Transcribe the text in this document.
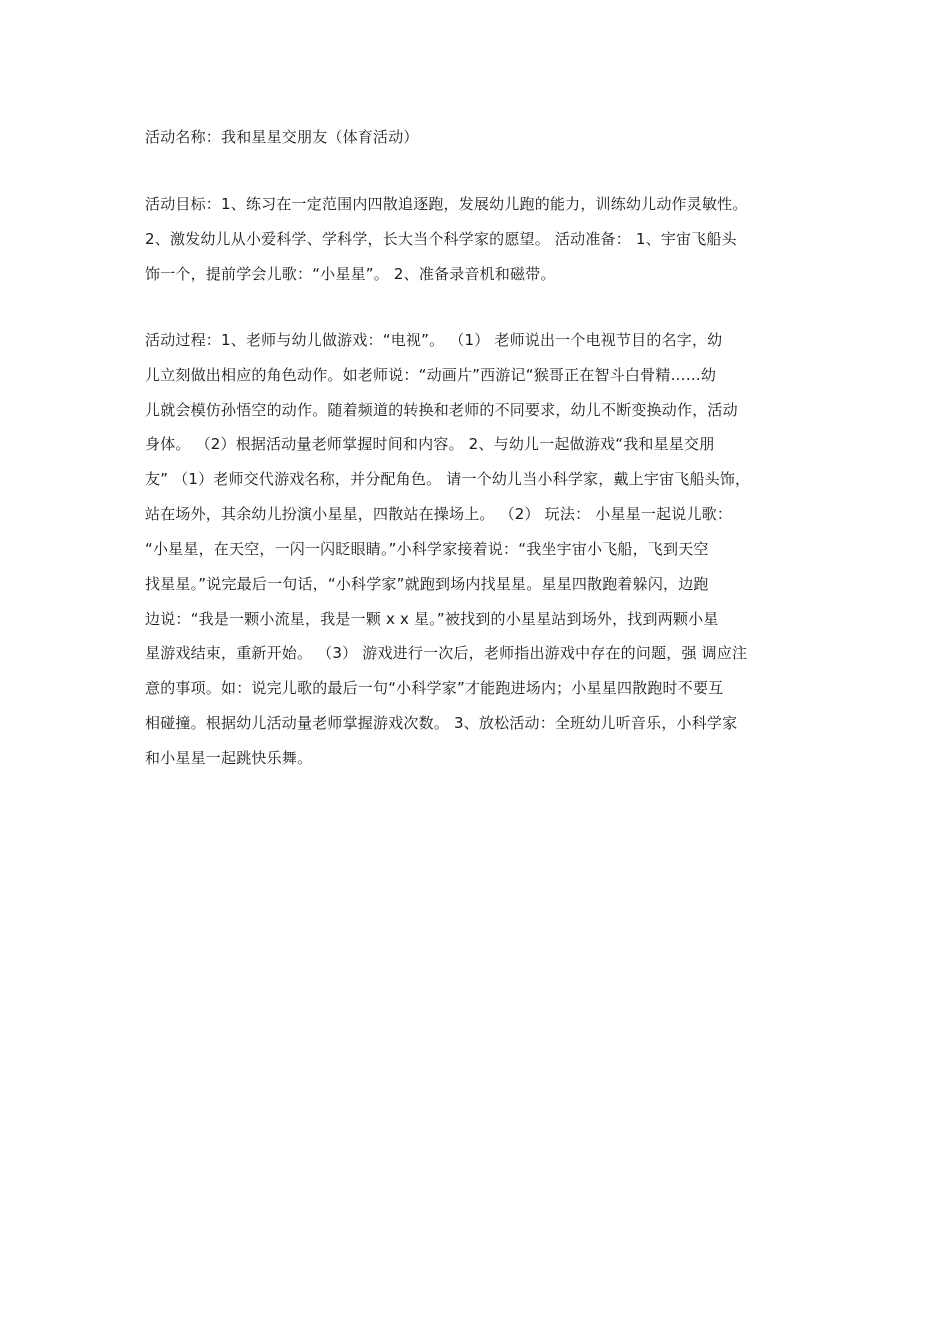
活动名称：我和星星交朋友（体育活动）
活动目标：1、练习在一定范围内四散追逐跑，发展幼儿跑的能力，训练幼儿动作灵敏性。
2、激发幼儿从小爱科学、学科学，长大当个科学家的愿望。 活动准备： 1、宇宙飞船头
饰一个，提前学会儿歌：“小星星”。 2、准备录音机和磁带。
活动过程：1、老师与幼儿做游戏：“电视”。 （1） 老师说出一个电视节目的名字，幼
儿立刻做出相应的角色动作。如老师说：“动画片”西游记“猴哥正在智斗白骨精……幼
儿就会模仿孙悟空的动作。随着频道的转换和老师的不同要求，幼儿不断变换动作，活动
身体。 （2）根据活动量老师掌握时间和内容。 2、与幼儿一起做游戏“我和星星交朋
友” （1）老师交代游戏名称，并分配角色。 请一个幼儿当小科学家，戴上宇宙飞船头饰，
站在场外，其余幼儿扮演小星星，四散站在操场上。 （2） 玩法： 小星星一起说儿歌：
“小星星，在天空，一闪一闪眨眼睛。”小科学家接着说：“我坐宇宙小飞船，飞到天空
找星星。”说完最后一句话，“小科学家”就跑到场内找星星。星星四散跑着躲闪，边跑
边说：“我是一颗小流星，我是一颗 x x 星。”被找到的小星星站到场外，找到两颗小星
星游戏结束，重新开始。 （3） 游戏进行一次后，老师指出游戏中存在的问题，强 调应注
意的事项。如：说完儿歌的最后一句“小科学家”才能跑进场内；小星星四散跑时不要互
相碰撞。根据幼儿活动量老师掌握游戏次数。 3、放松活动：全班幼儿听音乐，小科学家
和小星星一起跳快乐舞。
